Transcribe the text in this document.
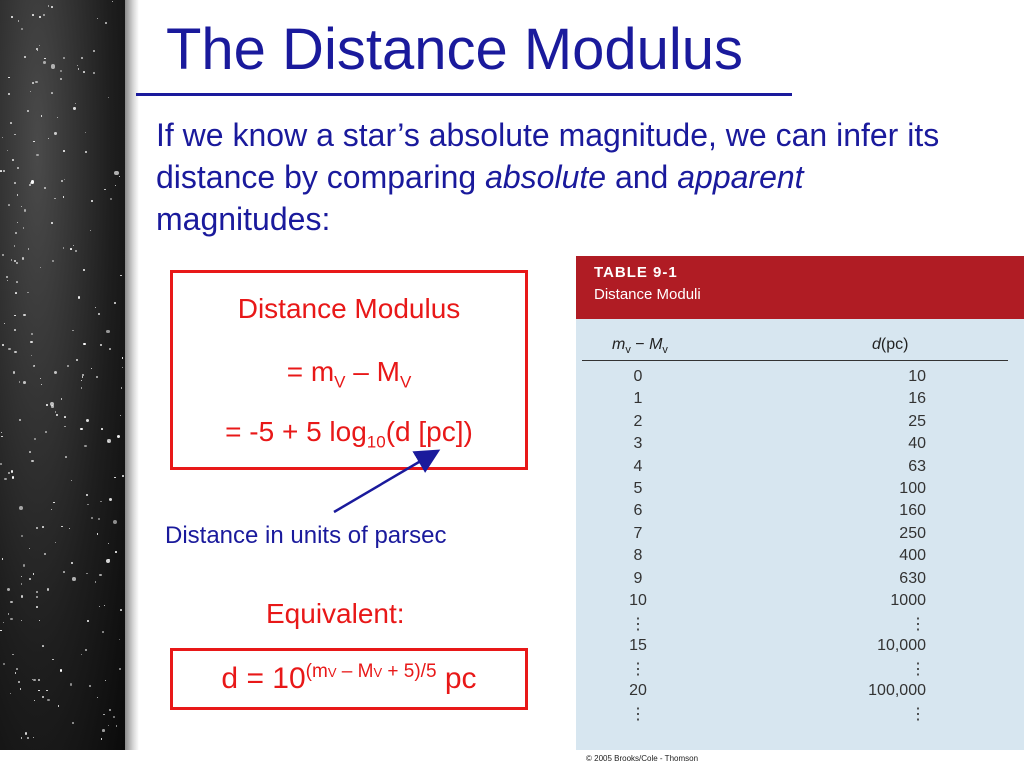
The Distance Modulus
If we know a star’s absolute magnitude, we can infer its distance by comparing absolute and apparent magnitudes:
Distance Modulus
= $m_V - M_V$
= -5 + 5 $\log_{10}(d$ [pc])
Distance in units of parsec
Equivalent:
$d = 10^{(mV - MV + 5)/5}$ pc
TABLE 9-1
Distance Moduli
$m_v - M_v$	d(pc)
0	10
1	16
2	25
3	40
4	63
5	100
6	160
7	250
8	400
9	630
10	1000
⋮	⋮
15	10,000
⋮	⋮
20	100,000
⋮	⋮
© 2005 Brooks/Cole - Thomson
